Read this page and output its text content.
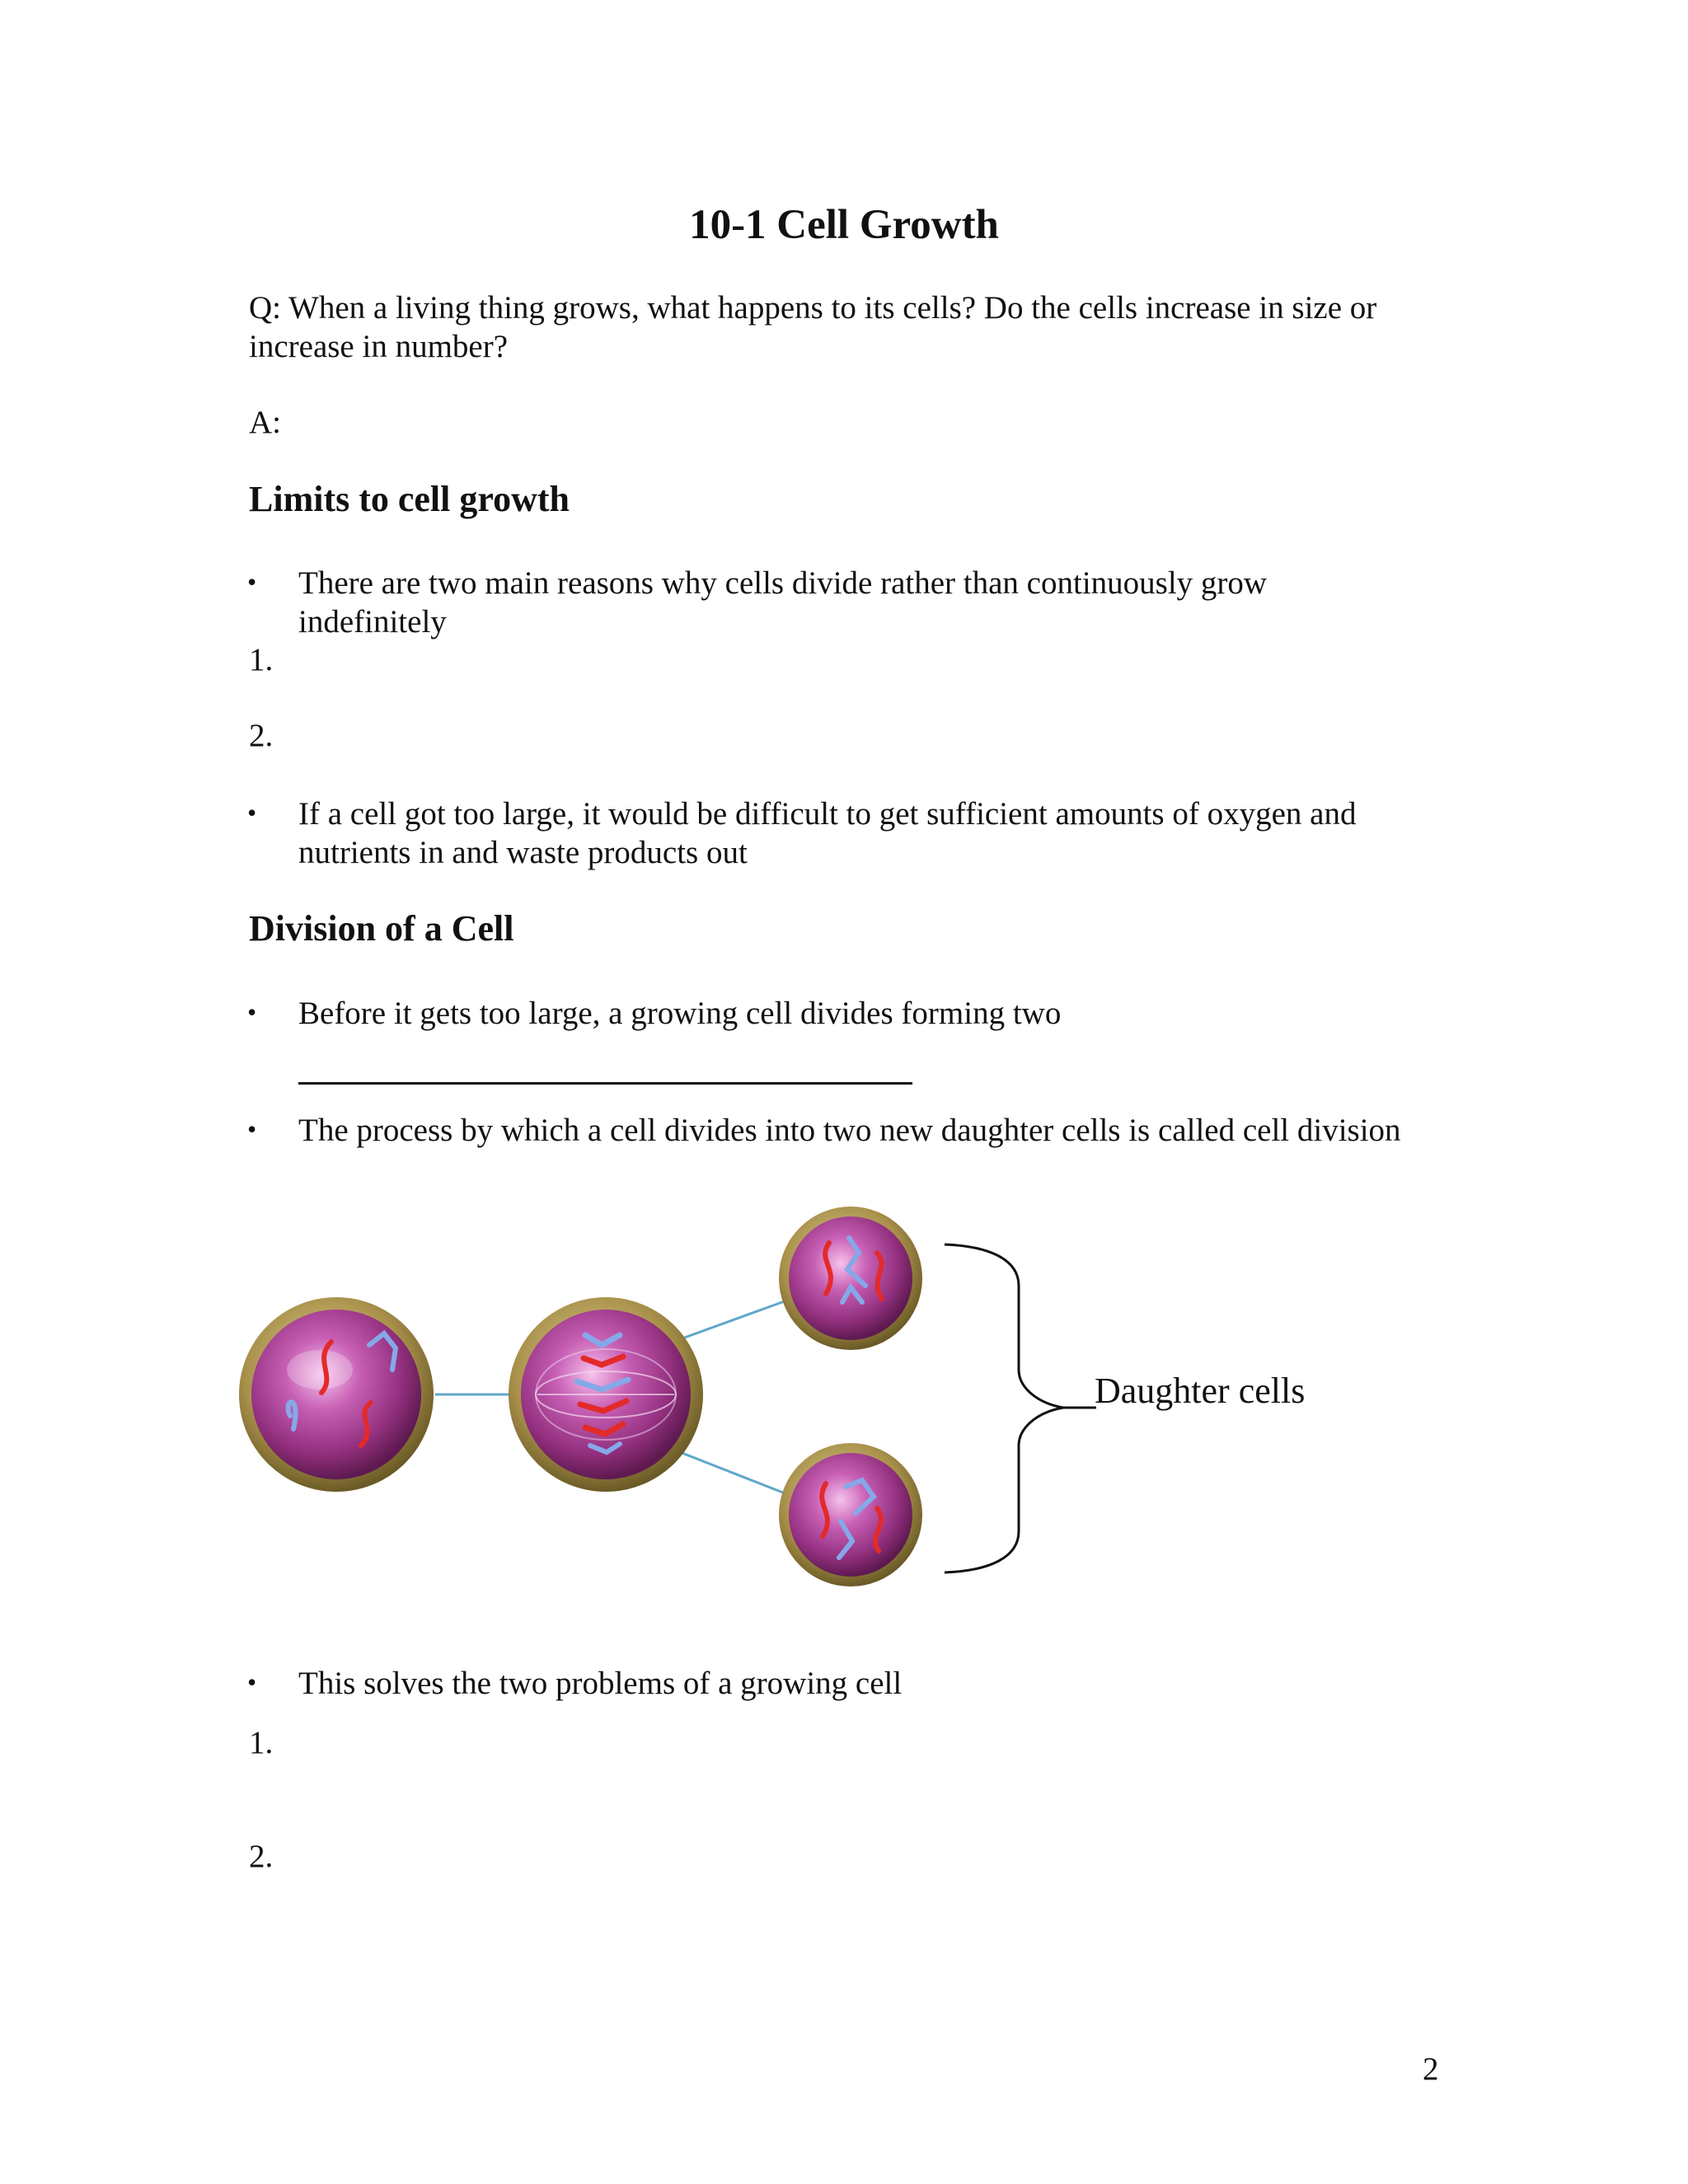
10-1 Cell Growth
Q: When a living thing grows, what happens to its cells? Do the cells increase in size or
increase in number?
A:
Limits to cell growth
• There are two main reasons why cells divide rather than continuously grow
indefinitely
1.
2.
• If a cell got too large, it would be difficult to get sufficient amounts of oxygen and
nutrients in and waste products out
Division of a Cell
• Before it gets too large, a growing cell divides forming two
• The process by which a cell divides into two new daughter cells is called cell division
Daughter cells
• This solves the two problems of a growing cell
1.
2.
2
